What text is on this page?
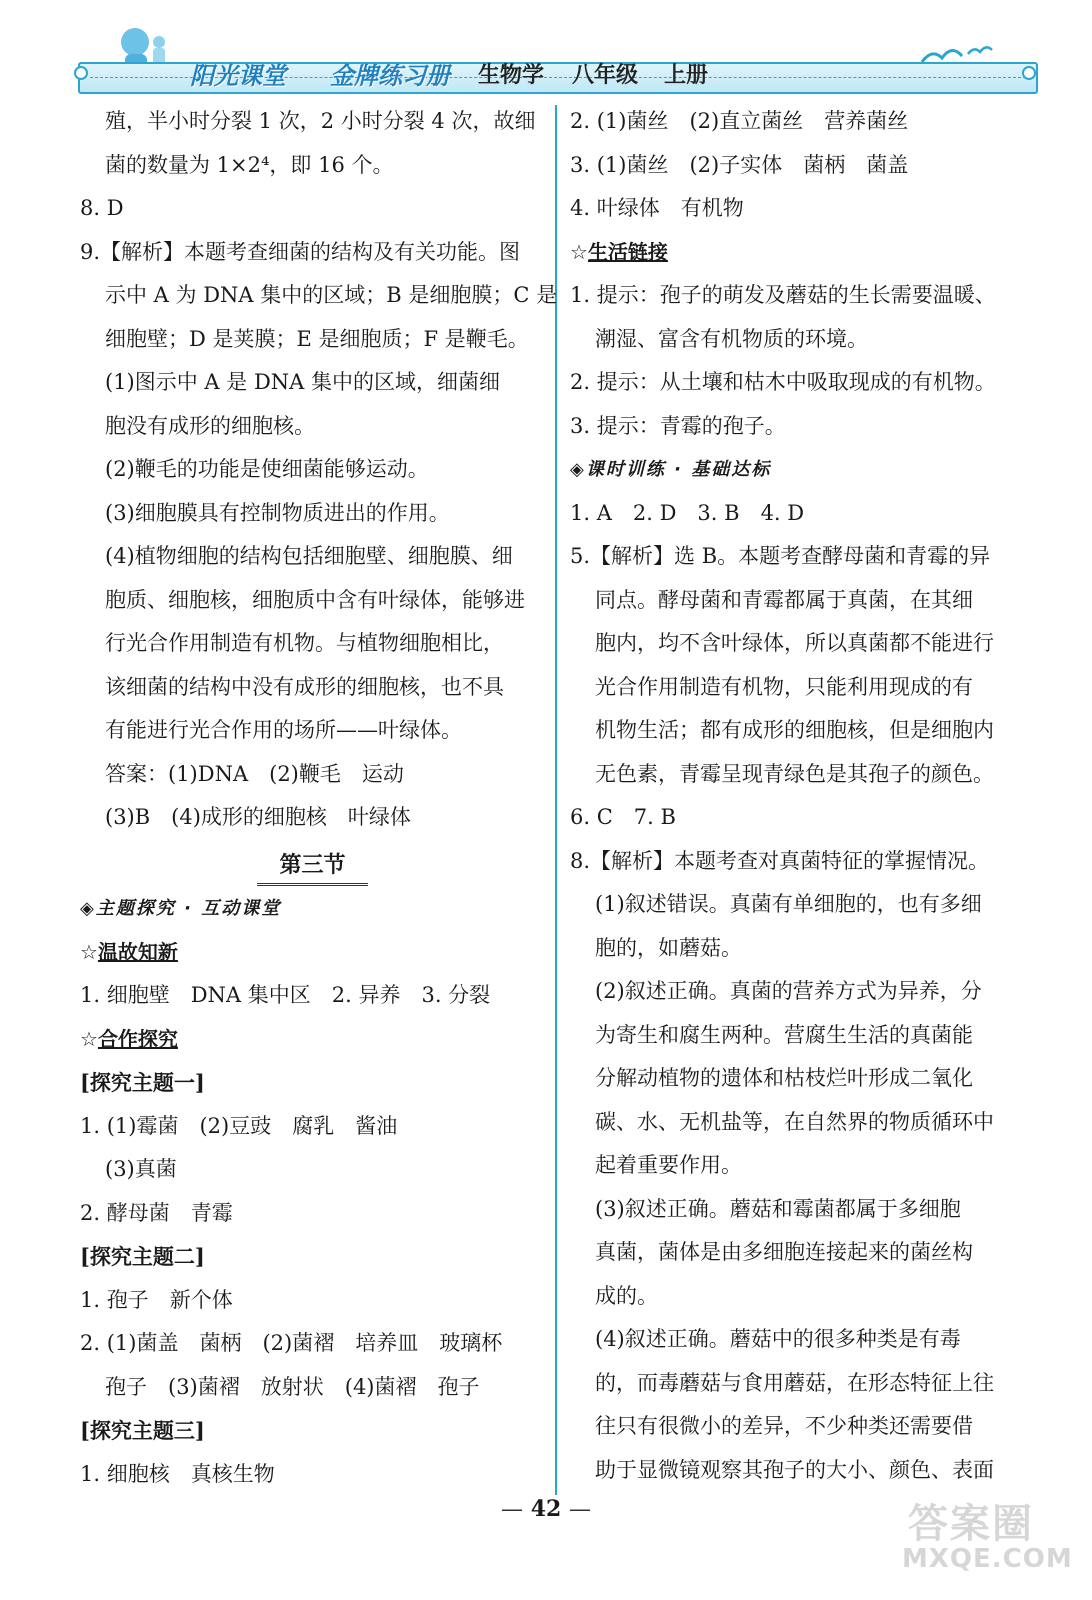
阳光课堂 金牌练习册 生物学 八年级 上册
殖，半小时分裂 1 次，2 小时分裂 4 次，故细
菌的数量为 1×2⁴，即 16 个。
8. D
9.【解析】本题考查细菌的结构及有关功能。图
示中 A 为 DNA 集中的区域；B 是细胞膜；C 是
细胞壁；D 是荚膜；E 是细胞质；F 是鞭毛。
(1)图示中 A 是 DNA 集中的区域，细菌细
胞没有成形的细胞核。
(2)鞭毛的功能是使细菌能够运动。
(3)细胞膜具有控制物质进出的作用。
(4)植物细胞的结构包括细胞壁、细胞膜、细
胞质、细胞核，细胞质中含有叶绿体，能够进
行光合作用制造有机物。与植物细胞相比，
该细菌的结构中没有成形的细胞核，也不具
有能进行光合作用的场所——叶绿体。
答案：(1)DNA　(2)鞭毛　运动
(3)B　(4)成形的细胞核　叶绿体
第三节
◈主题探究 · 互动课堂
☆温故知新
1. 细胞壁　DNA 集中区　2. 异养　3. 分裂
☆合作探究
[探究主题一]
1. (1)霉菌　(2)豆豉　腐乳　酱油
(3)真菌
2. 酵母菌　青霉
[探究主题二]
1. 孢子　新个体
2. (1)菌盖　菌柄　(2)菌褶　培养皿　玻璃杯
孢子　(3)菌褶　放射状　(4)菌褶　孢子
[探究主题三]
1. 细胞核　真核生物
2. (1)菌丝　(2)直立菌丝　营养菌丝
3. (1)菌丝　(2)子实体　菌柄　菌盖
4. 叶绿体　有机物
☆生活链接
1. 提示：孢子的萌发及蘑菇的生长需要温暖、
潮湿、富含有机物质的环境。
2. 提示：从土壤和枯木中吸取现成的有机物。
3. 提示：青霉的孢子。
◈课时训练 · 基础达标
1. A　2. D　3. B　4. D
5.【解析】选 B。本题考查酵母菌和青霉的异
同点。酵母菌和青霉都属于真菌，在其细
胞内，均不含叶绿体，所以真菌都不能进行
光合作用制造有机物，只能利用现成的有
机物生活；都有成形的细胞核，但是细胞内
无色素，青霉呈现青绿色是其孢子的颜色。
6. C　7. B
8.【解析】本题考查对真菌特征的掌握情况。
(1)叙述错误。真菌有单细胞的，也有多细
胞的，如蘑菇。
(2)叙述正确。真菌的营养方式为异养，分
为寄生和腐生两种。营腐生生活的真菌能
分解动植物的遗体和枯枝烂叶形成二氧化
碳、水、无机盐等，在自然界的物质循环中
起着重要作用。
(3)叙述正确。蘑菇和霉菌都属于多细胞
真菌，菌体是由多细胞连接起来的菌丝构
成的。
(4)叙述正确。蘑菇中的很多种类是有毒
的，而毒蘑菇与食用蘑菇，在形态特征上往
往只有很微小的差异，不少种类还需要借
助于显微镜观察其孢子的大小、颜色、表面
— 42 —	答案圈
MXQE.COM
